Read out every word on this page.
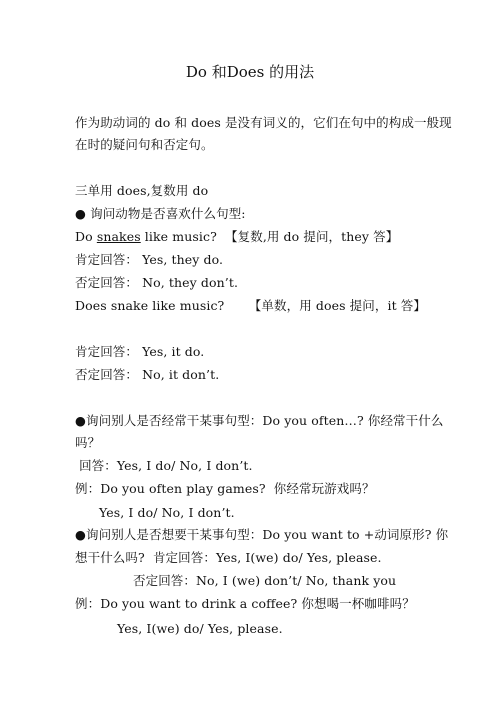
Do 和Does 的用法
作为助动词的 do 和 does 是没有词义的，它们在句中的构成一般现
在时的疑问句和否定句。
三单用 does,复数用 do
● 询问动物是否喜欢什么句型:
Do snakes like music?  【复数,用 do 提问，they 答】
肯定回答： Yes, they do.
否定回答： No, they don’t.
Does snake like music?      【单数，用 does 提问，it 答】
肯定回答： Yes, it do.
否定回答： No, it don’t.
●询问别人是否经常干某事句型：Do you often…? 你经常干什么
吗？
回答：Yes, I do/ No, I don’t.
例：Do you often play games?  你经常玩游戏吗？
Yes, I do/ No, I don’t.
●询问别人是否想要干某事句型：Do you want to +动词原形? 你
想干什么吗?  肯定回答：Yes, I(we) do/ Yes, please.
否定回答：No, I (we) don’t/ No, thank you
例：Do you want to drink a coffee? 你想喝一杯咖啡吗？
Yes, I(we) do/ Yes, please.
